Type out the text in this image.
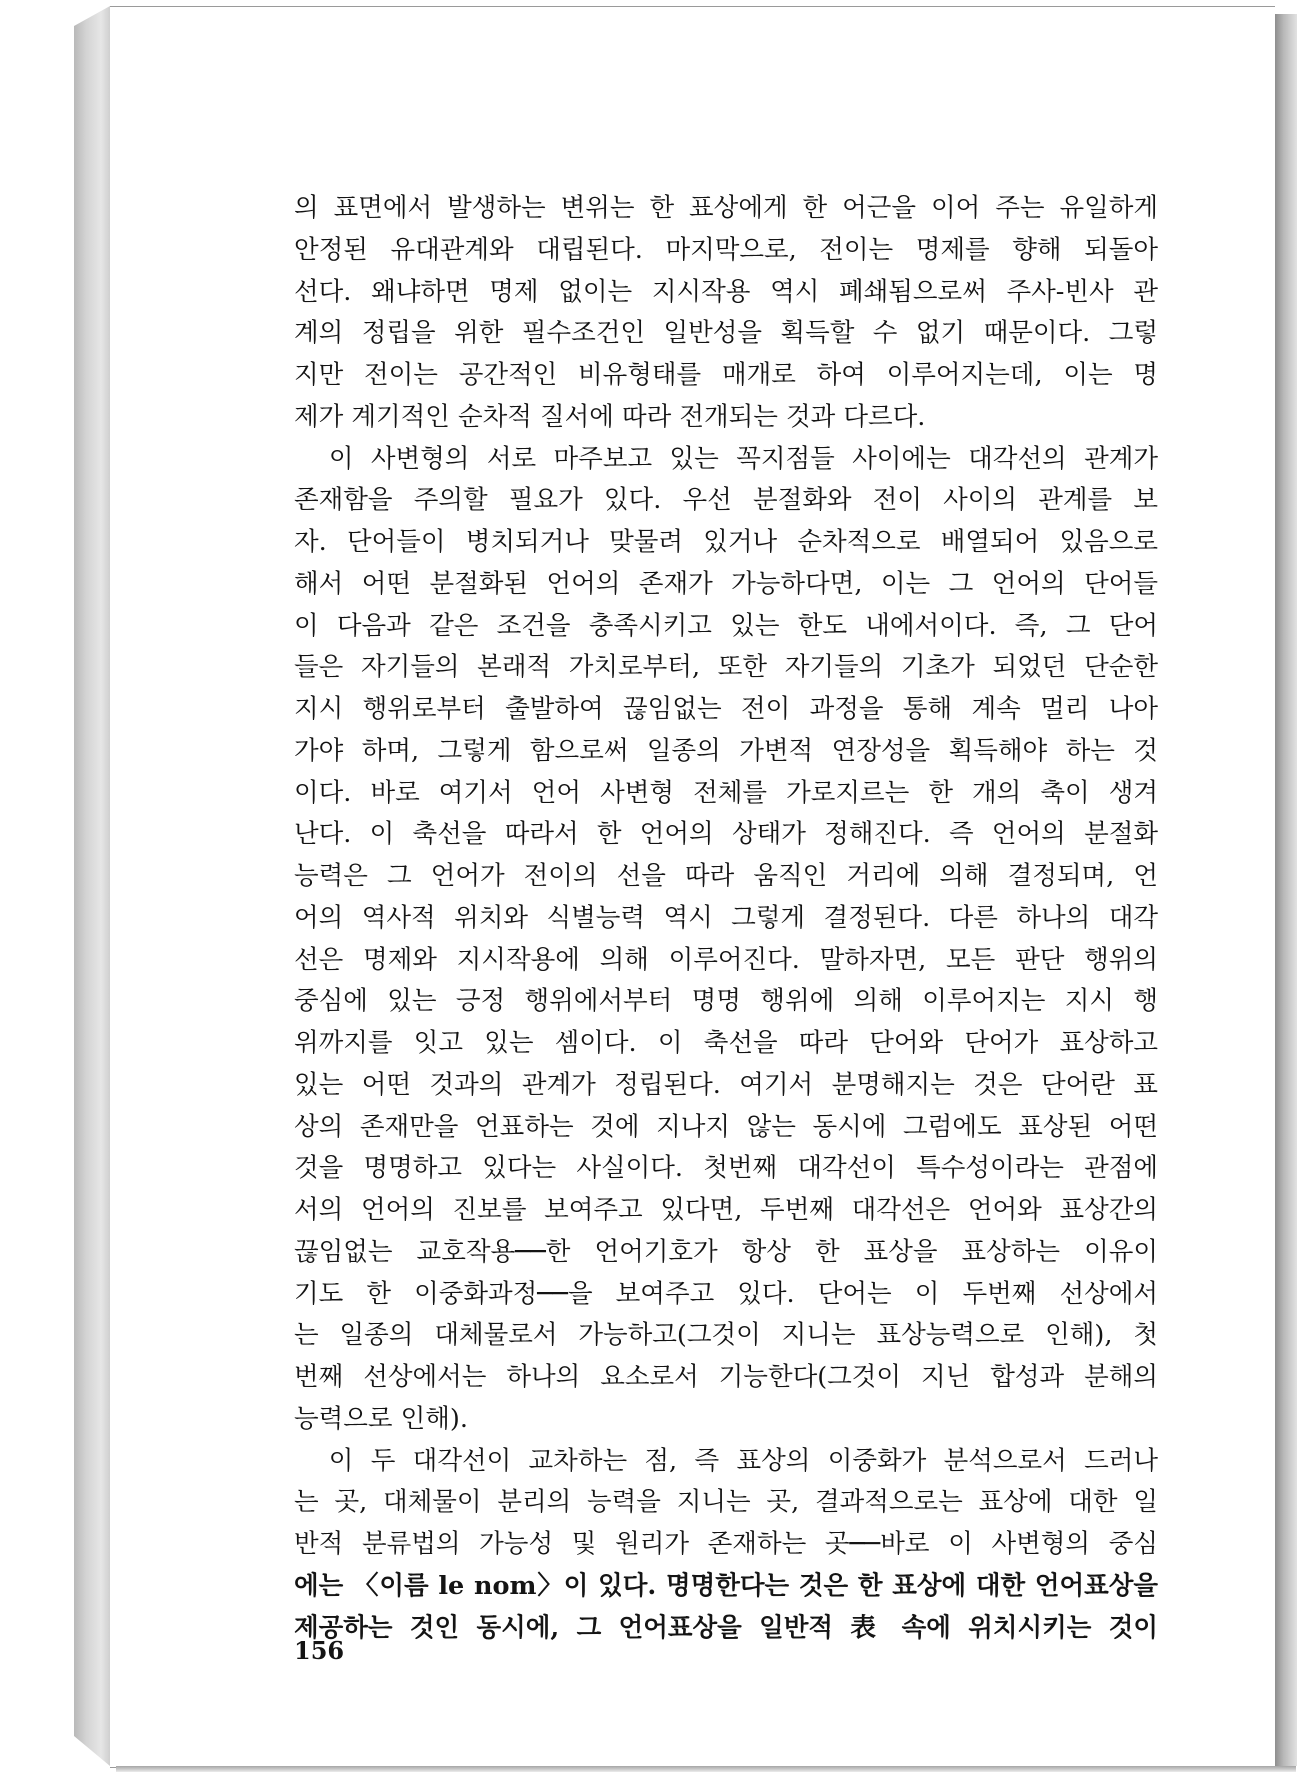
의 표면에서 발생하는 변위는 한 표상에게 한 어근을 이어 주는 유일하게
안정된 유대관계와 대립된다. 마지막으로, 전이는 명제를 향해 되돌아
선다. 왜냐하면 명제 없이는 지시작용 역시 폐쇄됨으로써 주사-빈사 관
계의 정립을 위한 필수조건인 일반성을 획득할 수 없기 때문이다. 그렇
지만 전이는 공간적인 비유형태를 매개로 하여 이루어지는데, 이는 명
제가 계기적인 순차적 질서에 따라 전개되는 것과 다르다.
　이 사변형의 서로 마주보고 있는 꼭지점들 사이에는 대각선의 관계가
존재함을 주의할 필요가 있다. 우선 분절화와 전이 사이의 관계를 보
자. 단어들이 병치되거나 맞물려 있거나 순차적으로 배열되어 있음으로
해서 어떤 분절화된 언어의 존재가 가능하다면, 이는 그 언어의 단어들
이 다음과 같은 조건을 충족시키고 있는 한도 내에서이다. 즉, 그 단어
들은 자기들의 본래적 가치로부터, 또한 자기들의 기초가 되었던 단순한
지시 행위로부터 출발하여 끊임없는 전이 과정을 통해 계속 멀리 나아
가야 하며, 그렇게 함으로써 일종의 가변적 연장성을 획득해야 하는 것
이다. 바로 여기서 언어 사변형 전체를 가로지르는 한 개의 축이 생겨
난다. 이 축선을 따라서 한 언어의 상태가 정해진다. 즉 언어의 분절화
능력은 그 언어가 전이의 선을 따라 움직인 거리에 의해 결정되며, 언
어의 역사적 위치와 식별능력 역시 그렇게 결정된다. 다른 하나의 대각
선은 명제와 지시작용에 의해 이루어진다. 말하자면, 모든 판단 행위의
중심에 있는 긍정 행위에서부터 명명 행위에 의해 이루어지는 지시 행
위까지를 잇고 있는 셈이다. 이 축선을 따라 단어와 단어가 표상하고
있는 어떤 것과의 관계가 정립된다. 여기서 분명해지는 것은 단어란 표
상의 존재만을 언표하는 것에 지나지 않는 동시에 그럼에도 표상된 어떤
것을 명명하고 있다는 사실이다. 첫번째 대각선이 특수성이라는 관점에
서의 언어의 진보를 보여주고 있다면, 두번째 대각선은 언어와 표상간의
끊임없는 교호작용──한 언어기호가 항상 한 표상을 표상하는 이유이
기도 한 이중화과정──을 보여주고 있다. 단어는 이 두번째 선상에서
는 일종의 대체물로서 가능하고(그것이 지니는 표상능력으로 인해), 첫
번째 선상에서는 하나의 요소로서 기능한다(그것이 지닌 합성과 분해의
능력으로 인해).
　이 두 대각선이 교차하는 점, 즉 표상의 이중화가 분석으로서 드러나
는 곳, 대체물이 분리의 능력을 지니는 곳, 결과적으로는 표상에 대한 일
반적 분류법의 가능성 및 원리가 존재하는 곳──바로 이 사변형의 중심
에는 〈이름 le nom〉이 있다. 명명한다는 것은 한 표상에 대한 언어표상을
제공하는 것인 동시에, 그 언어표상을 일반적 表 속에 위치시키는 것이
156
